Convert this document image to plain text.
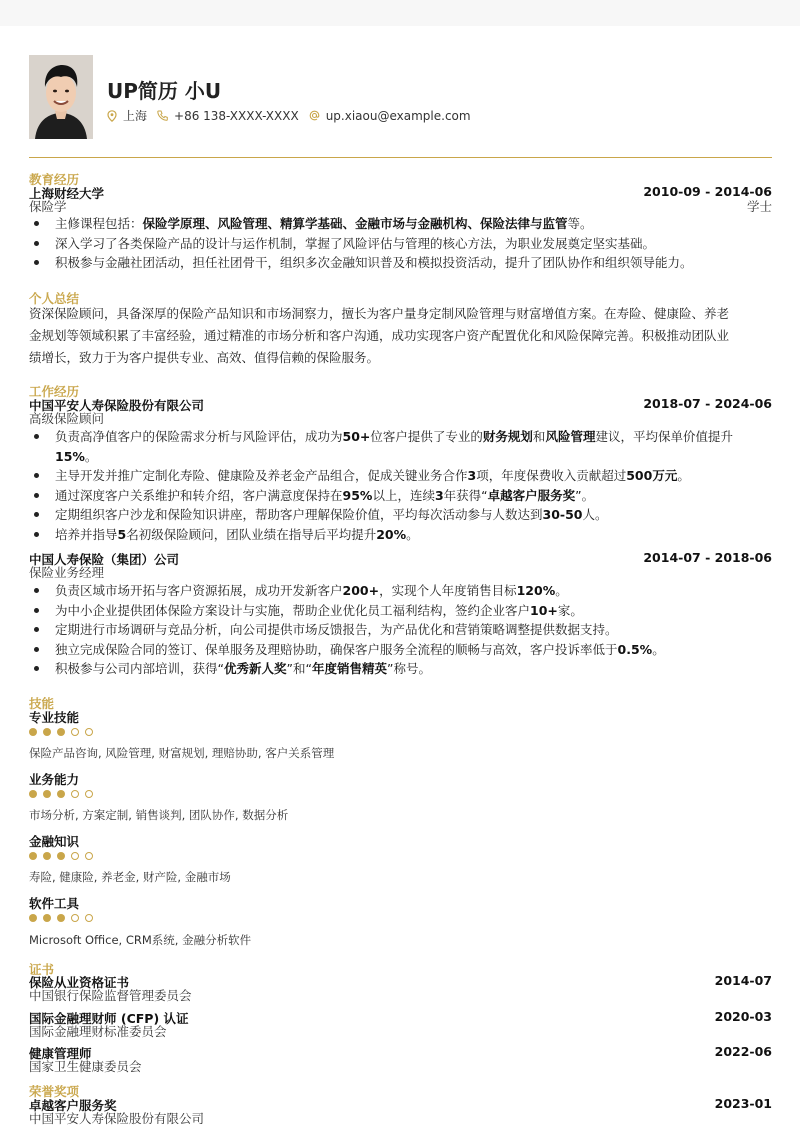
UP简历 小U
上海 +86 138-XXXX-XXXX up.xiaou@example.com
教育经历
上海财经大学	2010-09 - 2014-06
保险学	学士
主修课程包括：保险学原理、风险管理、精算学基础、金融市场与金融机构、保险法律与监管等。
深入学习了各类保险产品的设计与运作机制，掌握了风险评估与管理的核心方法，为职业发展奠定坚实基础。
积极参与金融社团活动，担任社团骨干，组织多次金融知识普及和模拟投资活动，提升了团队协作和组织领导能力。
个人总结
资深保险顾问，具备深厚的保险产品知识和市场洞察力，擅长为客户量身定制风险管理与财富增值方案。在寿险、健康险、养老
金规划等领域积累了丰富经验，通过精准的市场分析和客户沟通，成功实现客户资产配置优化和风险保障完善。积极推动团队业
绩增长，致力于为客户提供专业、高效、值得信赖的保险服务。
工作经历
中国平安人寿保险股份有限公司	2018-07 - 2024-06
高级保险顾问
负责高净值客户的保险需求分析与风险评估，成功为50+位客户提供了专业的财务规划和风险管理建议，平均保单价值提升
15%。
主导开发并推广定制化寿险、健康险及养老金产品组合，促成关键业务合作3项，年度保费收入贡献超过500万元。
通过深度客户关系维护和转介绍，客户满意度保持在95%以上，连续3年获得“卓越客户服务奖”。
定期组织客户沙龙和保险知识讲座，帮助客户理解保险价值，平均每次活动参与人数达到30-50人。
培养并指导5名初级保险顾问，团队业绩在指导后平均提升20%。
中国人寿保险（集团）公司	2014-07 - 2018-06
保险业务经理
负责区域市场开拓与客户资源拓展，成功开发新客户200+，实现个人年度销售目标120%。
为中小企业提供团体保险方案设计与实施，帮助企业优化员工福利结构，签约企业客户10+家。
定期进行市场调研与竞品分析，向公司提供市场反馈报告，为产品优化和营销策略调整提供数据支持。
独立完成保险合同的签订、保单服务及理赔协助，确保客户服务全流程的顺畅与高效，客户投诉率低于0.5%。
积极参与公司内部培训，获得“优秀新人奖”和“年度销售精英”称号。
技能
专业技能
保险产品咨询, 风险管理, 财富规划, 理赔协助, 客户关系管理
业务能力
市场分析, 方案定制, 销售谈判, 团队协作, 数据分析
金融知识
寿险, 健康险, 养老金, 财产险, 金融市场
软件工具
Microsoft Office, CRM系统, 金融分析软件
证书
保险从业资格证书	2014-07
中国银行保险监督管理委员会
国际金融理财师 (CFP) 认证	2020-03
国际金融理财标准委员会
健康管理师	2022-06
国家卫生健康委员会
荣誉奖项
卓越客户服务奖	2023-01
中国平安人寿保险股份有限公司
